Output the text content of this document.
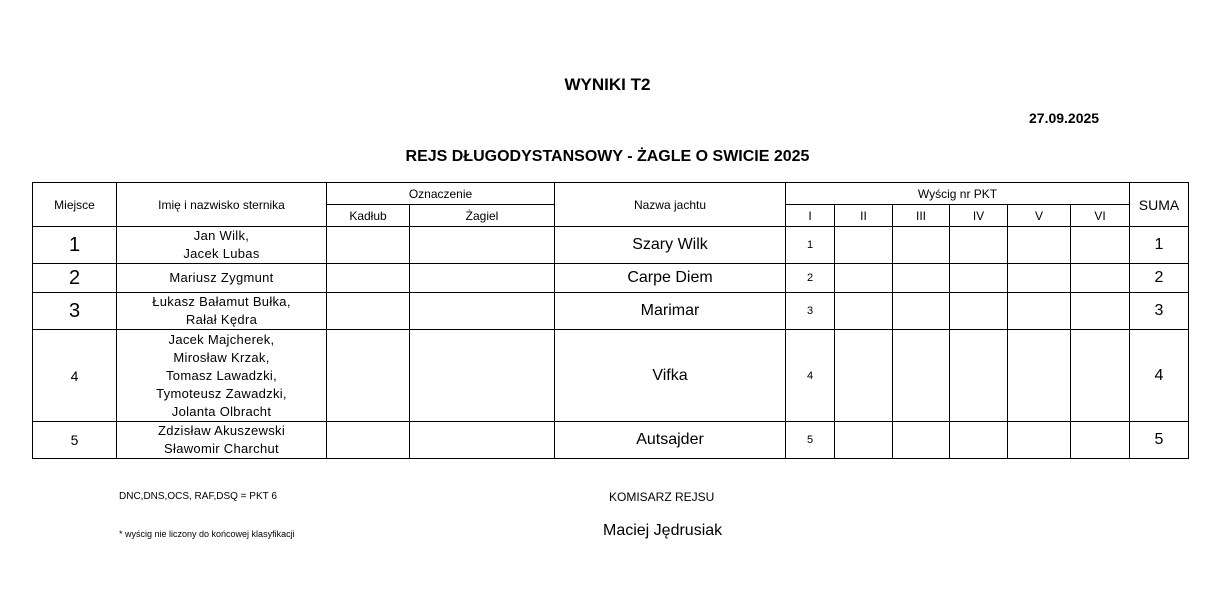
WYNIKI T2
27.09.2025
REJS DŁUGODYSTANSOWY - ŻAGLE O SWICIE 2025
Miejsce	Imię i nazwisko sternika	Oznaczenie		Nazwa jachtu	Wyścig nr PKT						SUMA
		Kadłub	Żagiel		I	II	III	IV	V	VI	
1	Jan Wilk,
Jacek Lubas			Szary Wilk	1						1
2	Mariusz Zygmunt			Carpe Diem	2						2
3	Łukasz Bałamut Bułka,
Rałał Kędra			Marimar	3						3
4	Jacek Majcherek,
Mirosław Krzak,
Tomasz Lawadzki,
Tymoteusz Zawadzki,
Jolanta Olbracht			Vifka	4						4
5	Zdzisław Akuszewski
Sławomir Charchut			Autsajder	5						5
DNC,DNS,OCS, RAF,DSQ = PKT 6
* wyścig nie liczony do końcowej klasyfikacji
KOMISARZ REJSU
Maciej Jędrusiak
